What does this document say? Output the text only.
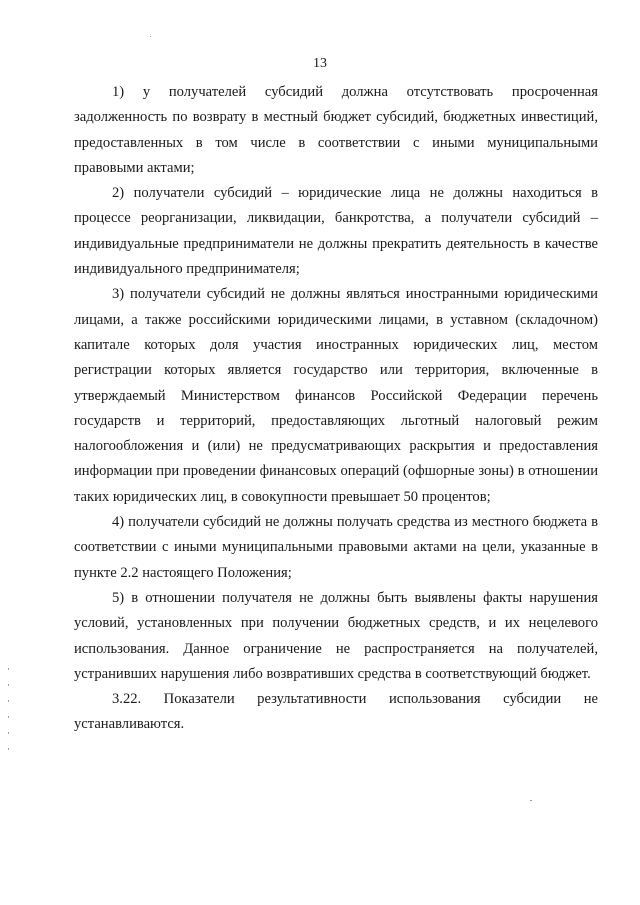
13

1) у получателей субсидий должна отсутствовать просроченная задолженность по возврату в местный бюджет субсидий, бюджетных инвестиций, предоставленных в том числе в соответствии с иными муниципальными правовыми актами;

2) получатели субсидий – юридические лица не должны находиться в процессе реорганизации, ликвидации, банкротства, а получатели субсидий – индивидуальные предприниматели не должны прекратить деятельность в качестве индивидуального предпринимателя;

3) получатели субсидий не должны являться иностранными юридическими лицами, а также российскими юридическими лицами, в уставном (складочном) капитале которых доля участия иностранных юридических лиц, местом регистрации которых является государство или территория, включенные в утверждаемый Министерством финансов Российской Федерации перечень государств и территорий, предоставляющих льготный налоговый режим налогообложения и (или) не предусматривающих раскрытия и предоставления информации при проведении финансовых операций (офшорные зоны) в отношении таких юридических лиц, в совокупности превышает 50 процентов;

4) получатели субсидий не должны получать средства из местного бюджета в соответствии с иными муниципальными правовыми актами на цели, указанные в пункте 2.2 настоящего Положения;

5) в отношении получателя не должны быть выявлены факты нарушения условий, установленных при получении бюджетных средств, и их нецелевого использования. Данное ограничение не распространяется на получателей, устранивших нарушения либо возвративших средства в соответствующий бюджет.

3.22. Показатели результативности использования субсидии не устанавливаются.
